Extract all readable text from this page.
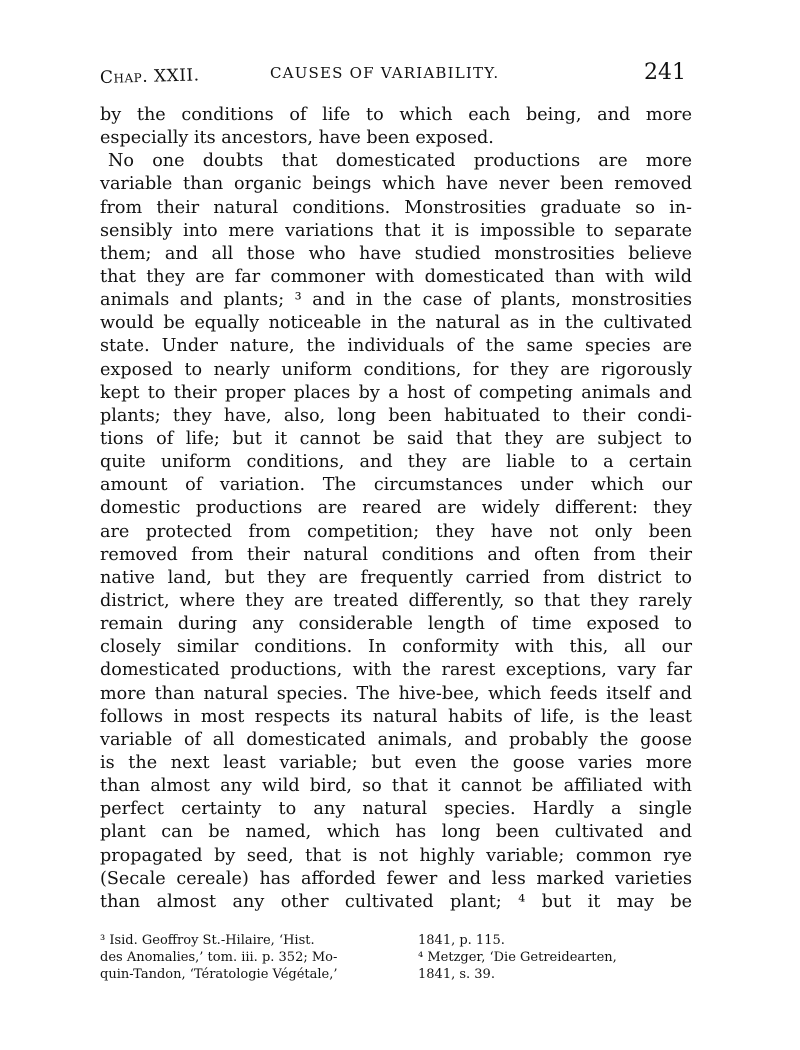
Chap. XXII.	CAUSES OF VARIABILITY.	241
by the conditions of life to which each being, and more
especially its ancestors, have been exposed.
No one doubts that domesticated productions are more
variable than organic beings which have never been removed
from their natural conditions. Monstrosities graduate so in-
sensibly into mere variations that it is impossible to separate
them; and all those who have studied monstrosities believe
that they are far commoner with domesticated than with wild
animals and plants; ³ and in the case of plants, monstrosities
would be equally noticeable in the natural as in the cultivated
state. Under nature, the individuals of the same species are
exposed to nearly uniform conditions, for they are rigorously
kept to their proper places by a host of competing animals and
plants; they have, also, long been habituated to their condi-
tions of life; but it cannot be said that they are subject to
quite uniform conditions, and they are liable to a certain
amount of variation. The circumstances under which our
domestic productions are reared are widely different: they
are protected from competition; they have not only been
removed from their natural conditions and often from their
native land, but they are frequently carried from district to
district, where they are treated differently, so that they rarely
remain during any considerable length of time exposed to
closely similar conditions. In conformity with this, all our
domesticated productions, with the rarest exceptions, vary far
more than natural species. The hive-bee, which feeds itself and
follows in most respects its natural habits of life, is the least
variable of all domesticated animals, and probably the goose
is the next least variable; but even the goose varies more
than almost any wild bird, so that it cannot be affiliated with
perfect certainty to any natural species. Hardly a single
plant can be named, which has long been cultivated and
propagated by seed, that is not highly variable; common rye
(Secale cereale) has afforded fewer and less marked varieties
than almost any other cultivated plant; ⁴ but it may be
³ Isid. Geoffroy St.-Hilaire, ‘Hist.
des Anomalies,’ tom. iii. p. 352; Mo-
quin-Tandon, ‘Tératologie Végétale,’
1841, p. 115.
⁴ Metzger, ‘Die Getreidearten,
1841, s. 39.
